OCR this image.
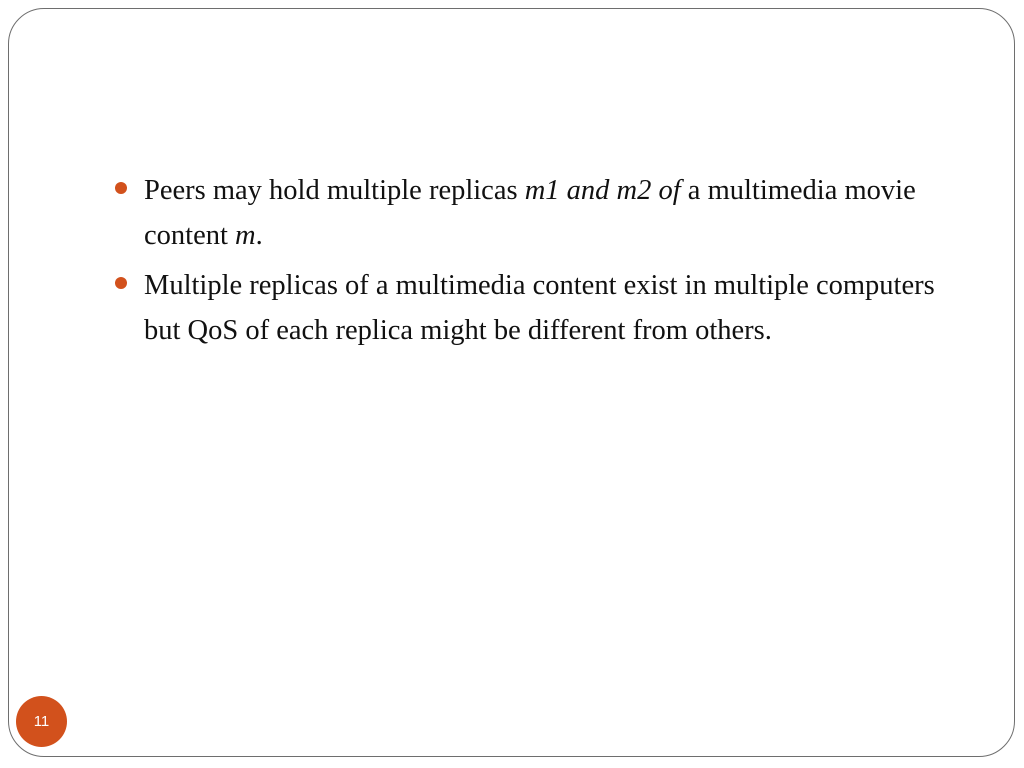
Peers may hold multiple replicas m1 and m2 of a multimedia movie content m.
Multiple replicas of a multimedia content exist in multiple computers but QoS of each replica might be different from others.
11
